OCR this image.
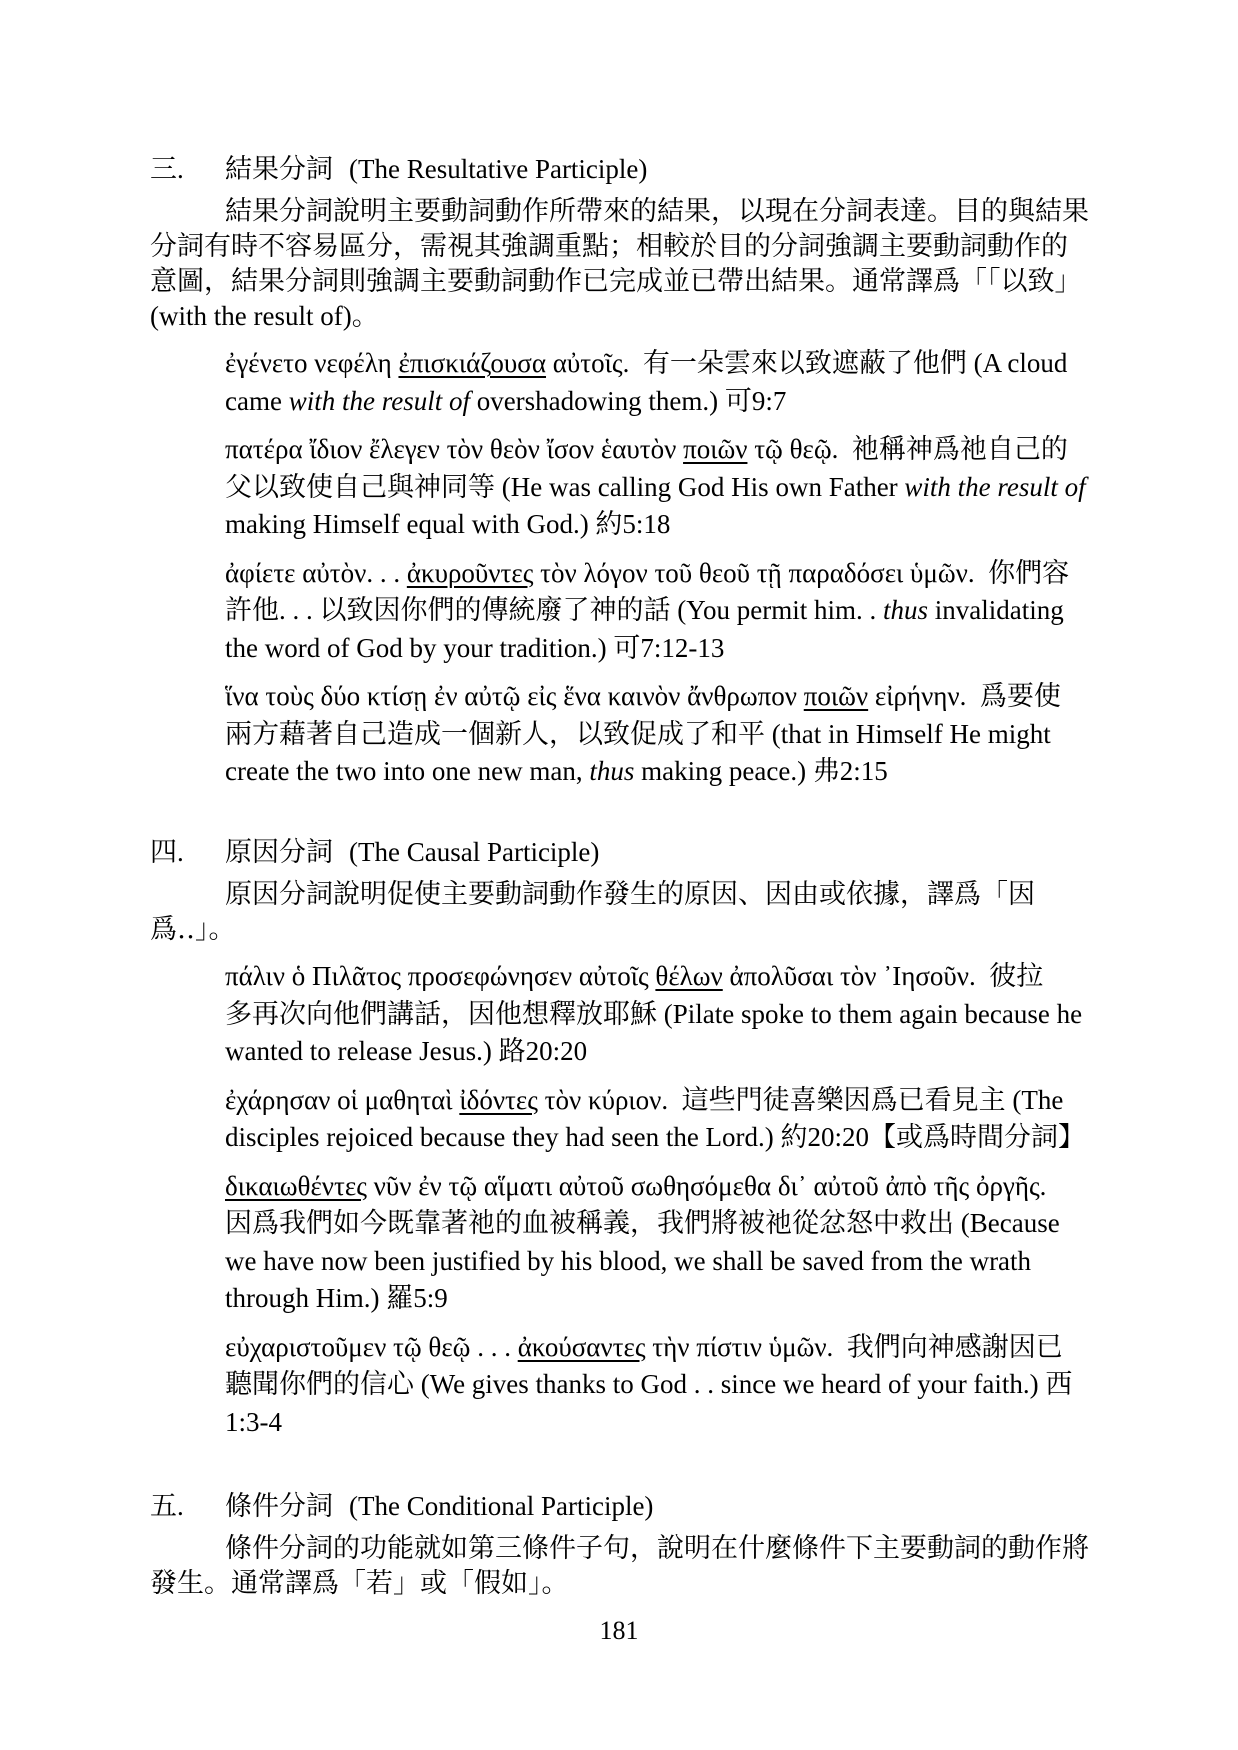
三.	結果分詞 (The Resultative Participle)
結果分詞說明主要動詞動作所帶來的結果，以現在分詞表達。目的與結果
分詞有時不容易區分，需視其強調重點；相較於目的分詞強調主要動詞動作的
意圖，結果分詞則強調主要動詞動作已完成並已帶出結果。通常譯爲「「以致」
(with the result of)。
ἐγένετο νεφέλη ἐπισκιάζουσα αὐτοῖς.  有一朵雲來以致遮蔽了他們 (A cloud
came with the result of overshadowing them.) 可9:7
πατέρα ἴδιον ἔλεγεν τὸν θεὸν ἴσον ἑαυτὸν ποιῶν τῷ θεῷ.  祂稱神爲祂自己的
父以致使自己與神同等 (He was calling God His own Father with the result of
making Himself equal with God.) 約5:18
ἀφίετε αὐτὸν. . . ἀκυροῦντες τὸν λόγον τοῦ θεοῦ τῇ παραδόσει ὑμῶν.  你們容
許他. . . 以致因你們的傳統廢了神的話 (You permit him. . thus invalidating
the word of God by your tradition.) 可7:12-13
ἵνα τοὺς δύο κτίσῃ ἐν αὐτῷ εἰς ἕνα καινὸν ἄνθρωπον ποιῶν εἰρήνην.  爲要使
兩方藉著自己造成一個新人，以致促成了和平 (that in Himself He might
create the two into one new man, thus making peace.) 弗2:15
四.	原因分詞 (The Causal Participle)
原因分詞說明促使主要動詞動作發生的原因、因由或依據，譯爲「因
爲‥」。
πάλιν ὁ Πιλᾶτος προσεφώνησεν αὐτοῖς θέλων ἀπολῦσαι τὸν ᾿Ιησοῦν.  彼拉
多再次向他們講話，因他想釋放耶穌 (Pilate spoke to them again because he
wanted to release Jesus.) 路20:20
ἐχάρησαν οἱ μαθηταὶ ἰδόντες τὸν κύριον.  這些門徒喜樂因爲已看見主 (The
disciples rejoiced because they had seen the Lord.) 約20:20【或爲時間分詞】
δικαιωθέντες νῦν ἐν τῷ αἵματι αὐτοῦ σωθησόμεθα δι᾿ αὐτοῦ ἀπὸ τῆς ὀργῆς.
因爲我們如今既靠著祂的血被稱義，我們將被祂從忿怒中救出 (Because
we have now been justified by his blood, we shall be saved from the wrath
through Him.) 羅5:9
εὐχαριστοῦμεν τῷ θεῷ . . . ἀκούσαντες τὴν πίστιν ὑμῶν.  我們向神感謝因已
聽聞你們的信心 (We gives thanks to God . . since we heard of your faith.) 西
1:3-4
五.	條件分詞 (The Conditional Participle)
條件分詞的功能就如第三條件子句，說明在什麼條件下主要動詞的動作將
發生。通常譯爲「若」或「假如」。
181
